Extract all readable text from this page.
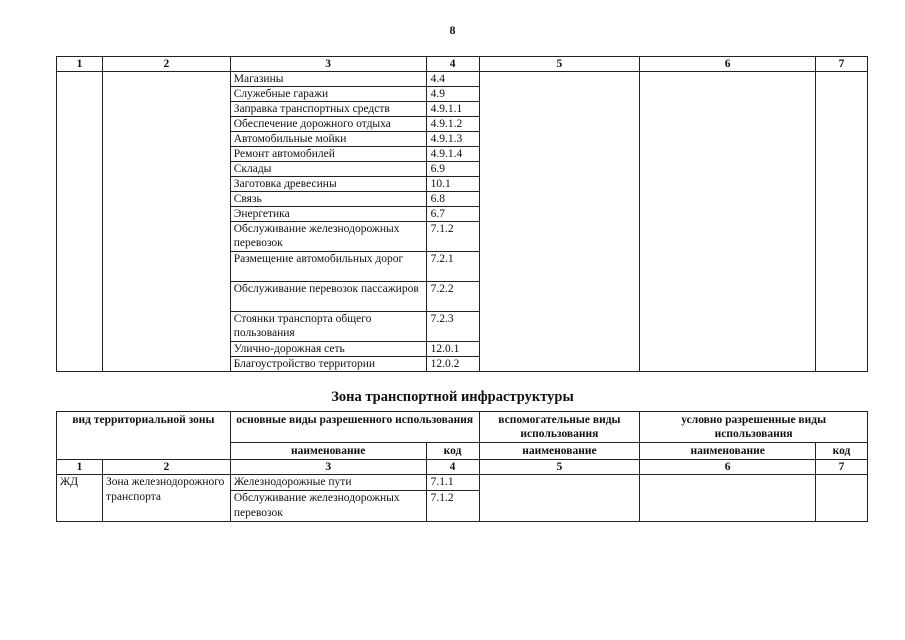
8
1	2	3	4	5	6	7
		Магазины	4.4			
		Служебные гаражи	4.9			
		Заправка транспортных средств	4.9.1.1			
		Обеспечение дорожного отдыха	4.9.1.2			
		Автомобильные мойки	4.9.1.3			
		Ремонт автомобилей	4.9.1.4			
		Склады	6.9			
		Заготовка древесины	10.1			
		Связь	6.8			
		Энергетика	6.7			
		Обслуживание железнодорожных перевозок	7.1.2			
		Размещение автомобильных дорог	7.2.1			
		Обслуживание перевозок пассажиров	7.2.2			
		Стоянки транспорта общего пользования	7.2.3			
		Улично-дорожная сеть	12.0.1			
		Благоустройство территории	12.0.2			
Зона транспортной инфраструктуры
вид территориальной зоны		основные виды разрешенного использования		вспомогательные виды использования	условно разрешенные виды использования	
		наименование	код	наименование	наименование	код
1	2	3	4	5	6	7
ЖД	Зона железнодорожного транспорта	Железнодорожные пути	7.1.1			
		Обслуживание железнодорожных перевозок	7.1.2			
